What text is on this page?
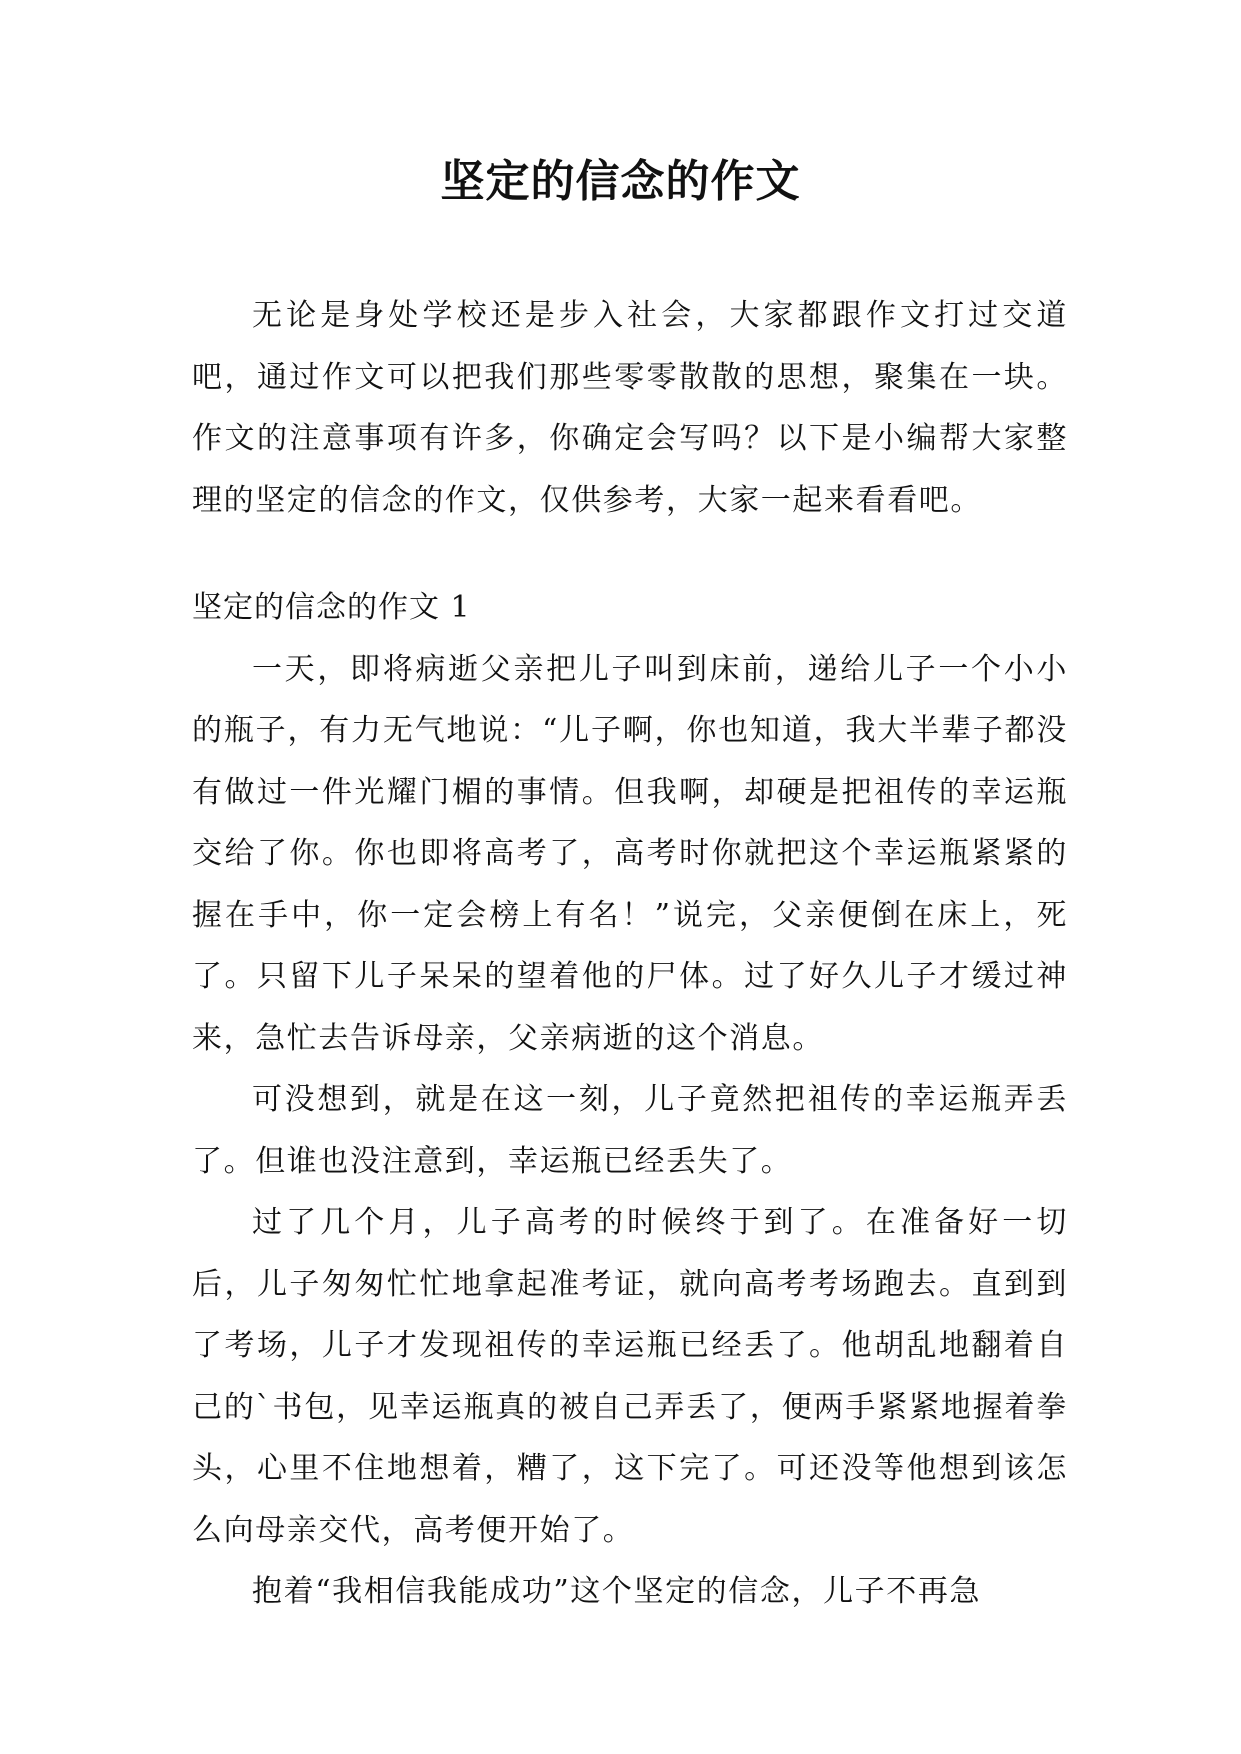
坚定的信念的作文

无论是身处学校还是步入社会，大家都跟作文打过交道吧，通过作文可以把我们那些零零散散的思想，聚集在一块。作文的注意事项有许多，你确定会写吗？以下是小编帮大家整理的坚定的信念的作文，仅供参考，大家一起来看看吧。

坚定的信念的作文 1

一天，即将病逝父亲把儿子叫到床前，递给儿子一个小小的瓶子，有力无气地说：“儿子啊，你也知道，我大半辈子都没有做过一件光耀门楣的事情。但我啊，却硬是把祖传的幸运瓶交给了你。你也即将高考了，高考时你就把这个幸运瓶紧紧的握在手中，你一定会榜上有名！”说完，父亲便倒在床上，死了。只留下儿子呆呆的望着他的尸体。过了好久儿子才缓过神来，急忙去告诉母亲，父亲病逝的这个消息。

可没想到，就是在这一刻，儿子竟然把祖传的幸运瓶弄丢了。但谁也没注意到，幸运瓶已经丢失了。

过了几个月，儿子高考的时候终于到了。在准备好一切后，儿子匆匆忙忙地拿起准考证，就向高考考场跑去。直到到了考场，儿子才发现祖传的幸运瓶已经丢了。他胡乱地翻着自己的`书包，见幸运瓶真的被自己弄丢了，便两手紧紧地握着拳头，心里不住地想着，糟了，这下完了。可还没等他想到该怎么向母亲交代，高考便开始了。

抱着“我相信我能成功”这个坚定的信念，儿子不再急
